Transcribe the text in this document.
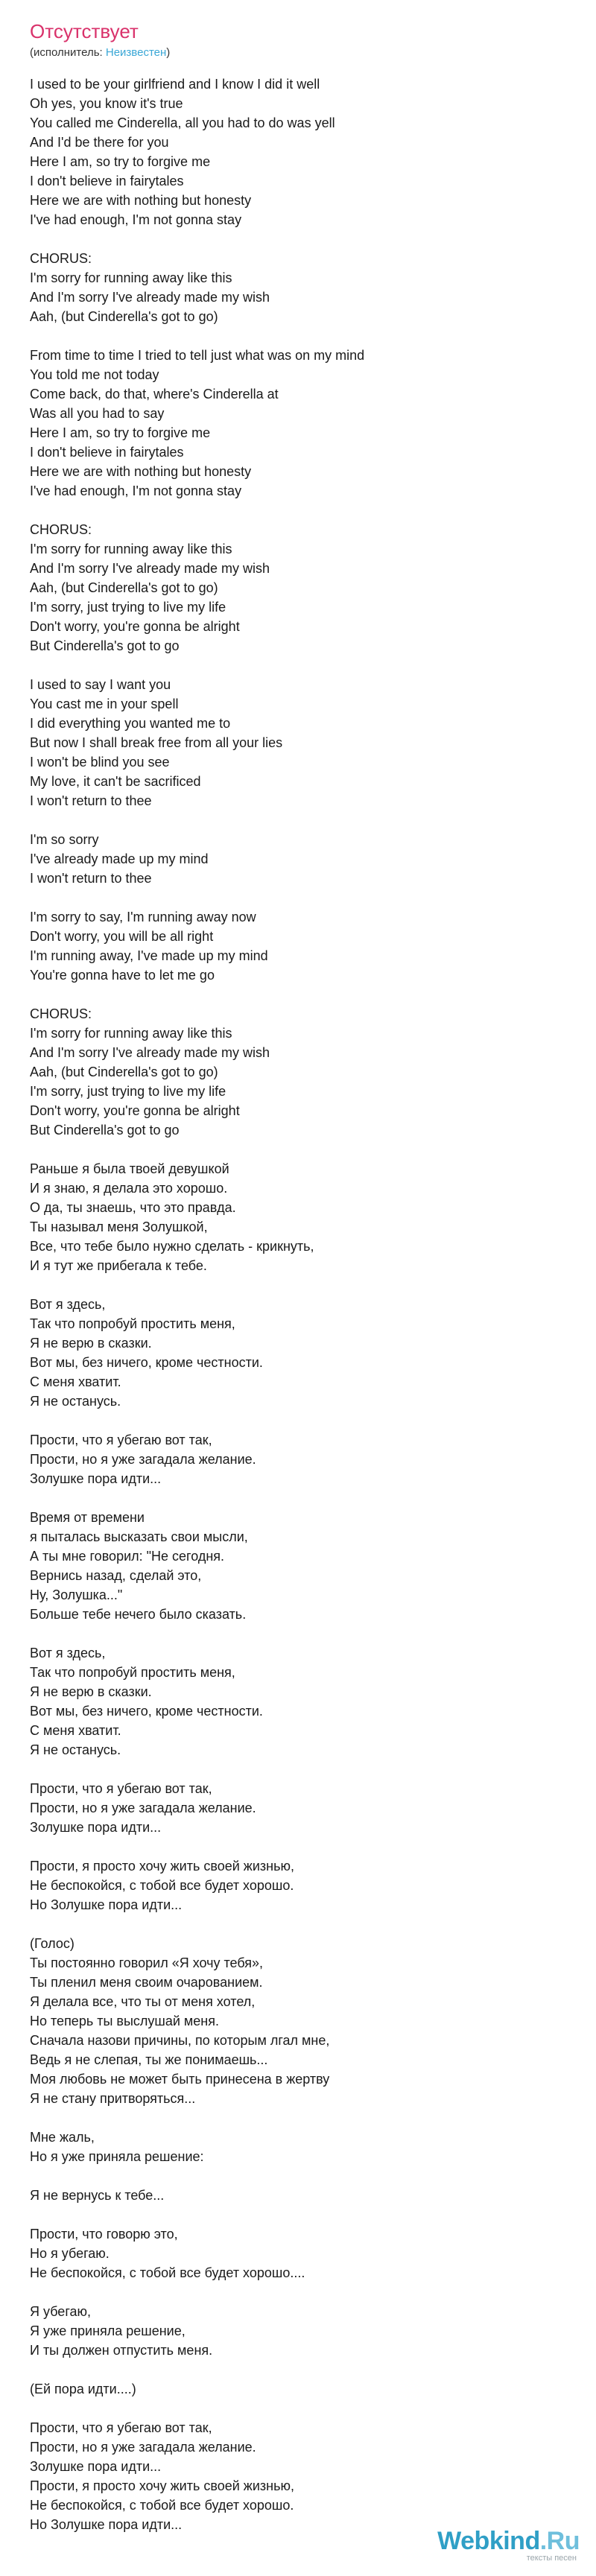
Отсутствует
(исполнитель: Неизвестен)
I used to be your girlfriend and I know I did it well
Oh yes, you know it's true
You called me Cinderella, all you had to do was yell
And I'd be there for you
Here I am, so try to forgive me
I don't believe in fairytales
Here we are with nothing but honesty
I've had enough, I'm not gonna stay
CHORUS:
I'm sorry for running away like this
And I'm sorry I've already made my wish
Aah, (but Cinderella's got to go)
From time to time I tried to tell just what was on my mind
You told me not today
Come back, do that, where's Cinderella at
Was all you had to say
Here I am, so try to forgive me
I don't believe in fairytales
Here we are with nothing but honesty
I've had enough, I'm not gonna stay
CHORUS:
I'm sorry for running away like this
And I'm sorry I've already made my wish
Aah, (but Cinderella's got to go)
I'm sorry, just trying to live my life
Don't worry, you're gonna be alright
But Cinderella's got to go
I used to say I want you
You cast me in your spell
I did everything you wanted me to
But now I shall break free from all your lies
I won't be blind you see
My love, it can't be sacrificed
I won't return to thee
I'm so sorry
I've already made up my mind
I won't return to thee
I'm sorry to say, I'm running away now
Don't worry, you will be all right
I'm running away, I've made up my mind
You're gonna have to let me go
CHORUS:
I'm sorry for running away like this
And I'm sorry I've already made my wish
Aah, (but Cinderella's got to go)
I'm sorry, just trying to live my life
Don't worry, you're gonna be alright
But Cinderella's got to go
Раньше я была твоей девушкой
И я знаю, я делала это хорошо.
О да, ты знаешь, что это правда.
Ты называл меня Золушкой,
Все, что тебе было нужно сделать - крикнуть,
И я тут же прибегала к тебе.
Вот я здесь,
Так что попробуй простить меня,
Я не верю в сказки.
Вот мы, без ничего, кроме честности.
С меня хватит.
Я не останусь.
Прости, что я убегаю вот так,
Прости, но я уже загадала желание.
Золушке пора идти...
Время от времени
я пыталась высказать свои мысли,
А ты мне говорил: "Не сегодня.
Вернись назад, сделай это,
Ну, Золушка..."
Больше тебе нечего было сказать.
Вот я здесь,
Так что попробуй простить меня,
Я не верю в сказки.
Вот мы, без ничего, кроме честности.
С меня хватит.
Я не останусь.
Прости, что я убегаю вот так,
Прости, но я уже загадала желание.
Золушке пора идти...
Прости, я просто хочу жить своей жизнью,
Не беспокойся, с тобой все будет хорошо.
Но Золушке пора идти...
(Голос)
Ты постоянно говорил «Я хочу тебя»,
Ты пленил меня своим очарованием.
Я делала все, что ты от меня хотел,
Но теперь ты выслушай меня.
Сначала назови причины, по которым лгал мне,
Ведь я не слепая, ты же понимаешь...
Моя любовь не может быть принесена в жертву
Я не стану притворяться...
Мне жаль,
Но я уже приняла решение:
Я не вернусь к тебе...
Прости, что говорю это,
Но я убегаю.
Не беспокойся, с тобой все будет хорошо....
Я убегаю,
Я уже приняла решение,
И ты должен отпустить меня.
(Ей пора идти....)
Прости, что я убегаю вот так,
Прости, но я уже загадала желание.
Золушке пора идти...
Прости, я просто хочу жить своей жизнью,
Не беспокойся, с тобой все будет хорошо.
Но Золушке пора идти...
Webkind.Ru
тексты песен
